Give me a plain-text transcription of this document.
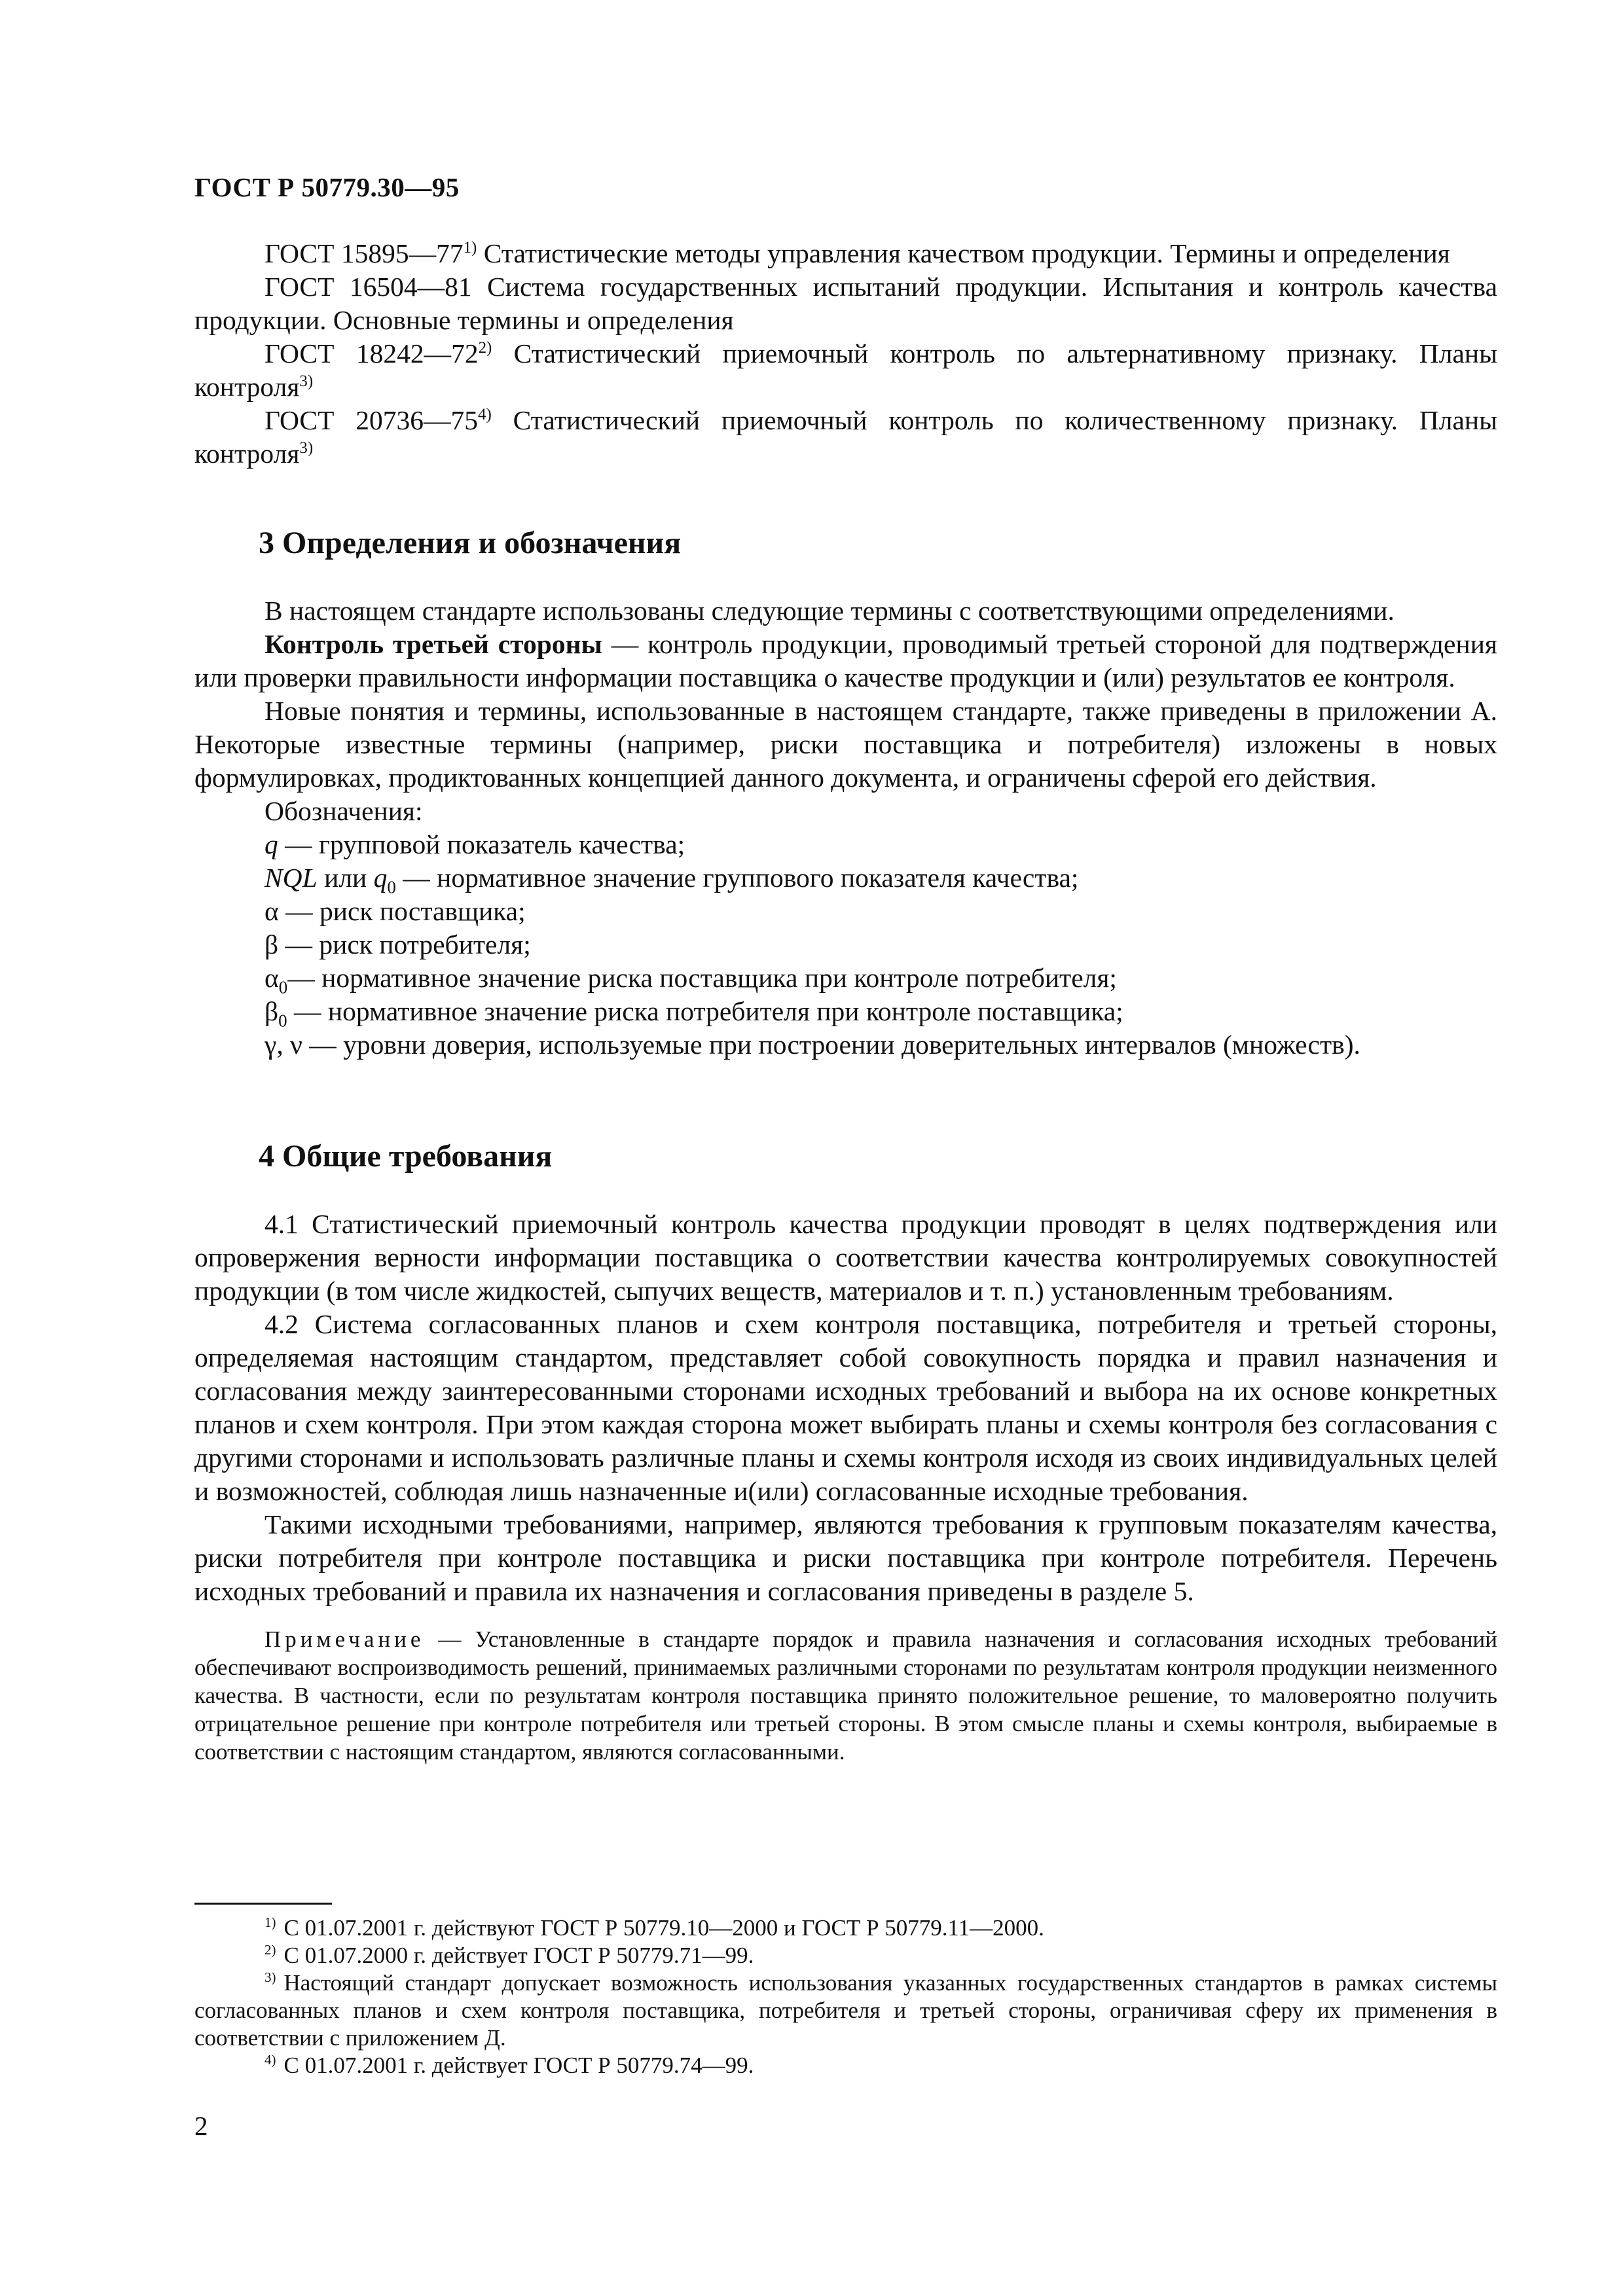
ГОСТ Р 50779.30—95

ГОСТ 15895—77$^{1)}$ Статистические методы управления качеством продукции. Термины и определения

ГОСТ 16504—81 Система государственных испытаний продукции. Испытания и контроль качества продукции. Основные термины и определения

ГОСТ 18242—72$^{2)}$ Статистический приемочный контроль по альтернативному признаку. Планы контроля$^{3)}$

ГОСТ 20736—75$^{4)}$ Статистический приемочный контроль по количественному признаку. Планы контроля$^{3)}$

3 Определения и обозначения

В настоящем стандарте использованы следующие термины с соответствующими определениями.

Контроль третьей стороны — контроль продукции, проводимый третьей стороной для подтверждения или проверки правильности информации поставщика о качестве продукции и (или) результатов ее контроля.

Новые понятия и термины, использованные в настоящем стандарте, также приведены в приложении А. Некоторые известные термины (например, риски поставщика и потребителя) изложены в новых формулировках, продиктованных концепцией данного документа, и ограничены сферой его действия.

Обозначения:

q — групповой показатель качества;

NQL или $q_0$ — нормативное значение группового показателя качества;

α — риск поставщика;

β — риск потребителя;

$\alpha_0—$ нормативное значение риска поставщика при контроле потребителя;

$\beta_0$ — нормативное значение риска потребителя при контроле поставщика;

γ, ν — уровни доверия, используемые при построении доверительных интервалов (множеств).

4 Общие требования

4.1 Статистический приемочный контроль качества продукции проводят в целях подтверждения или опровержения верности информации поставщика о соответствии качества контролируемых совокупностей продукции (в том числе жидкостей, сыпучих веществ, материалов и т. п.) установленным требованиям.

4.2 Система согласованных планов и схем контроля поставщика, потребителя и третьей стороны, определяемая настоящим стандартом, представляет собой совокупность порядка и правил назначения и согласования между заинтересованными сторонами исходных требований и выбора на их основе конкретных планов и схем контроля. При этом каждая сторона может выбирать планы и схемы контроля без согласования с другими сторонами и использовать различные планы и схемы контроля исходя из своих индивидуальных целей и возможностей, соблюдая лишь назначенные и(или) согласованные исходные требования.

Такими исходными требованиями, например, являются требования к групповым показателям качества, риски потребителя при контроле поставщика и риски поставщика при контроле потребителя. Перечень исходных требований и правила их назначения и согласования приведены в разделе 5.

Примечание — Установленные в стандарте порядок и правила назначения и согласования исходных требований обеспечивают воспроизводимость решений, принимаемых различными сторонами по результатам контроля продукции неизменного качества. В частности, если по результатам контроля поставщика принято положительное решение, то маловероятно получить отрицательное решение при контроле потребителя или третьей стороны. В этом смысле планы и схемы контроля, выбираемые в соответствии с настоящим стандартом, являются согласованными.

$^{1)}$ С 01.07.2001 г. действуют ГОСТ Р 50779.10—2000 и ГОСТ Р 50779.11—2000.

$^{2)}$ С 01.07.2000 г. действует ГОСТ Р 50779.71—99.

$^{3)}$ Настоящий стандарт допускает возможность использования указанных государственных стандартов в рамках системы согласованных планов и схем контроля поставщика, потребителя и третьей стороны, ограничивая сферу их применения в соответствии с приложением Д.

$^{4)}$ С 01.07.2001 г. действует ГОСТ Р 50779.74—99.

2
